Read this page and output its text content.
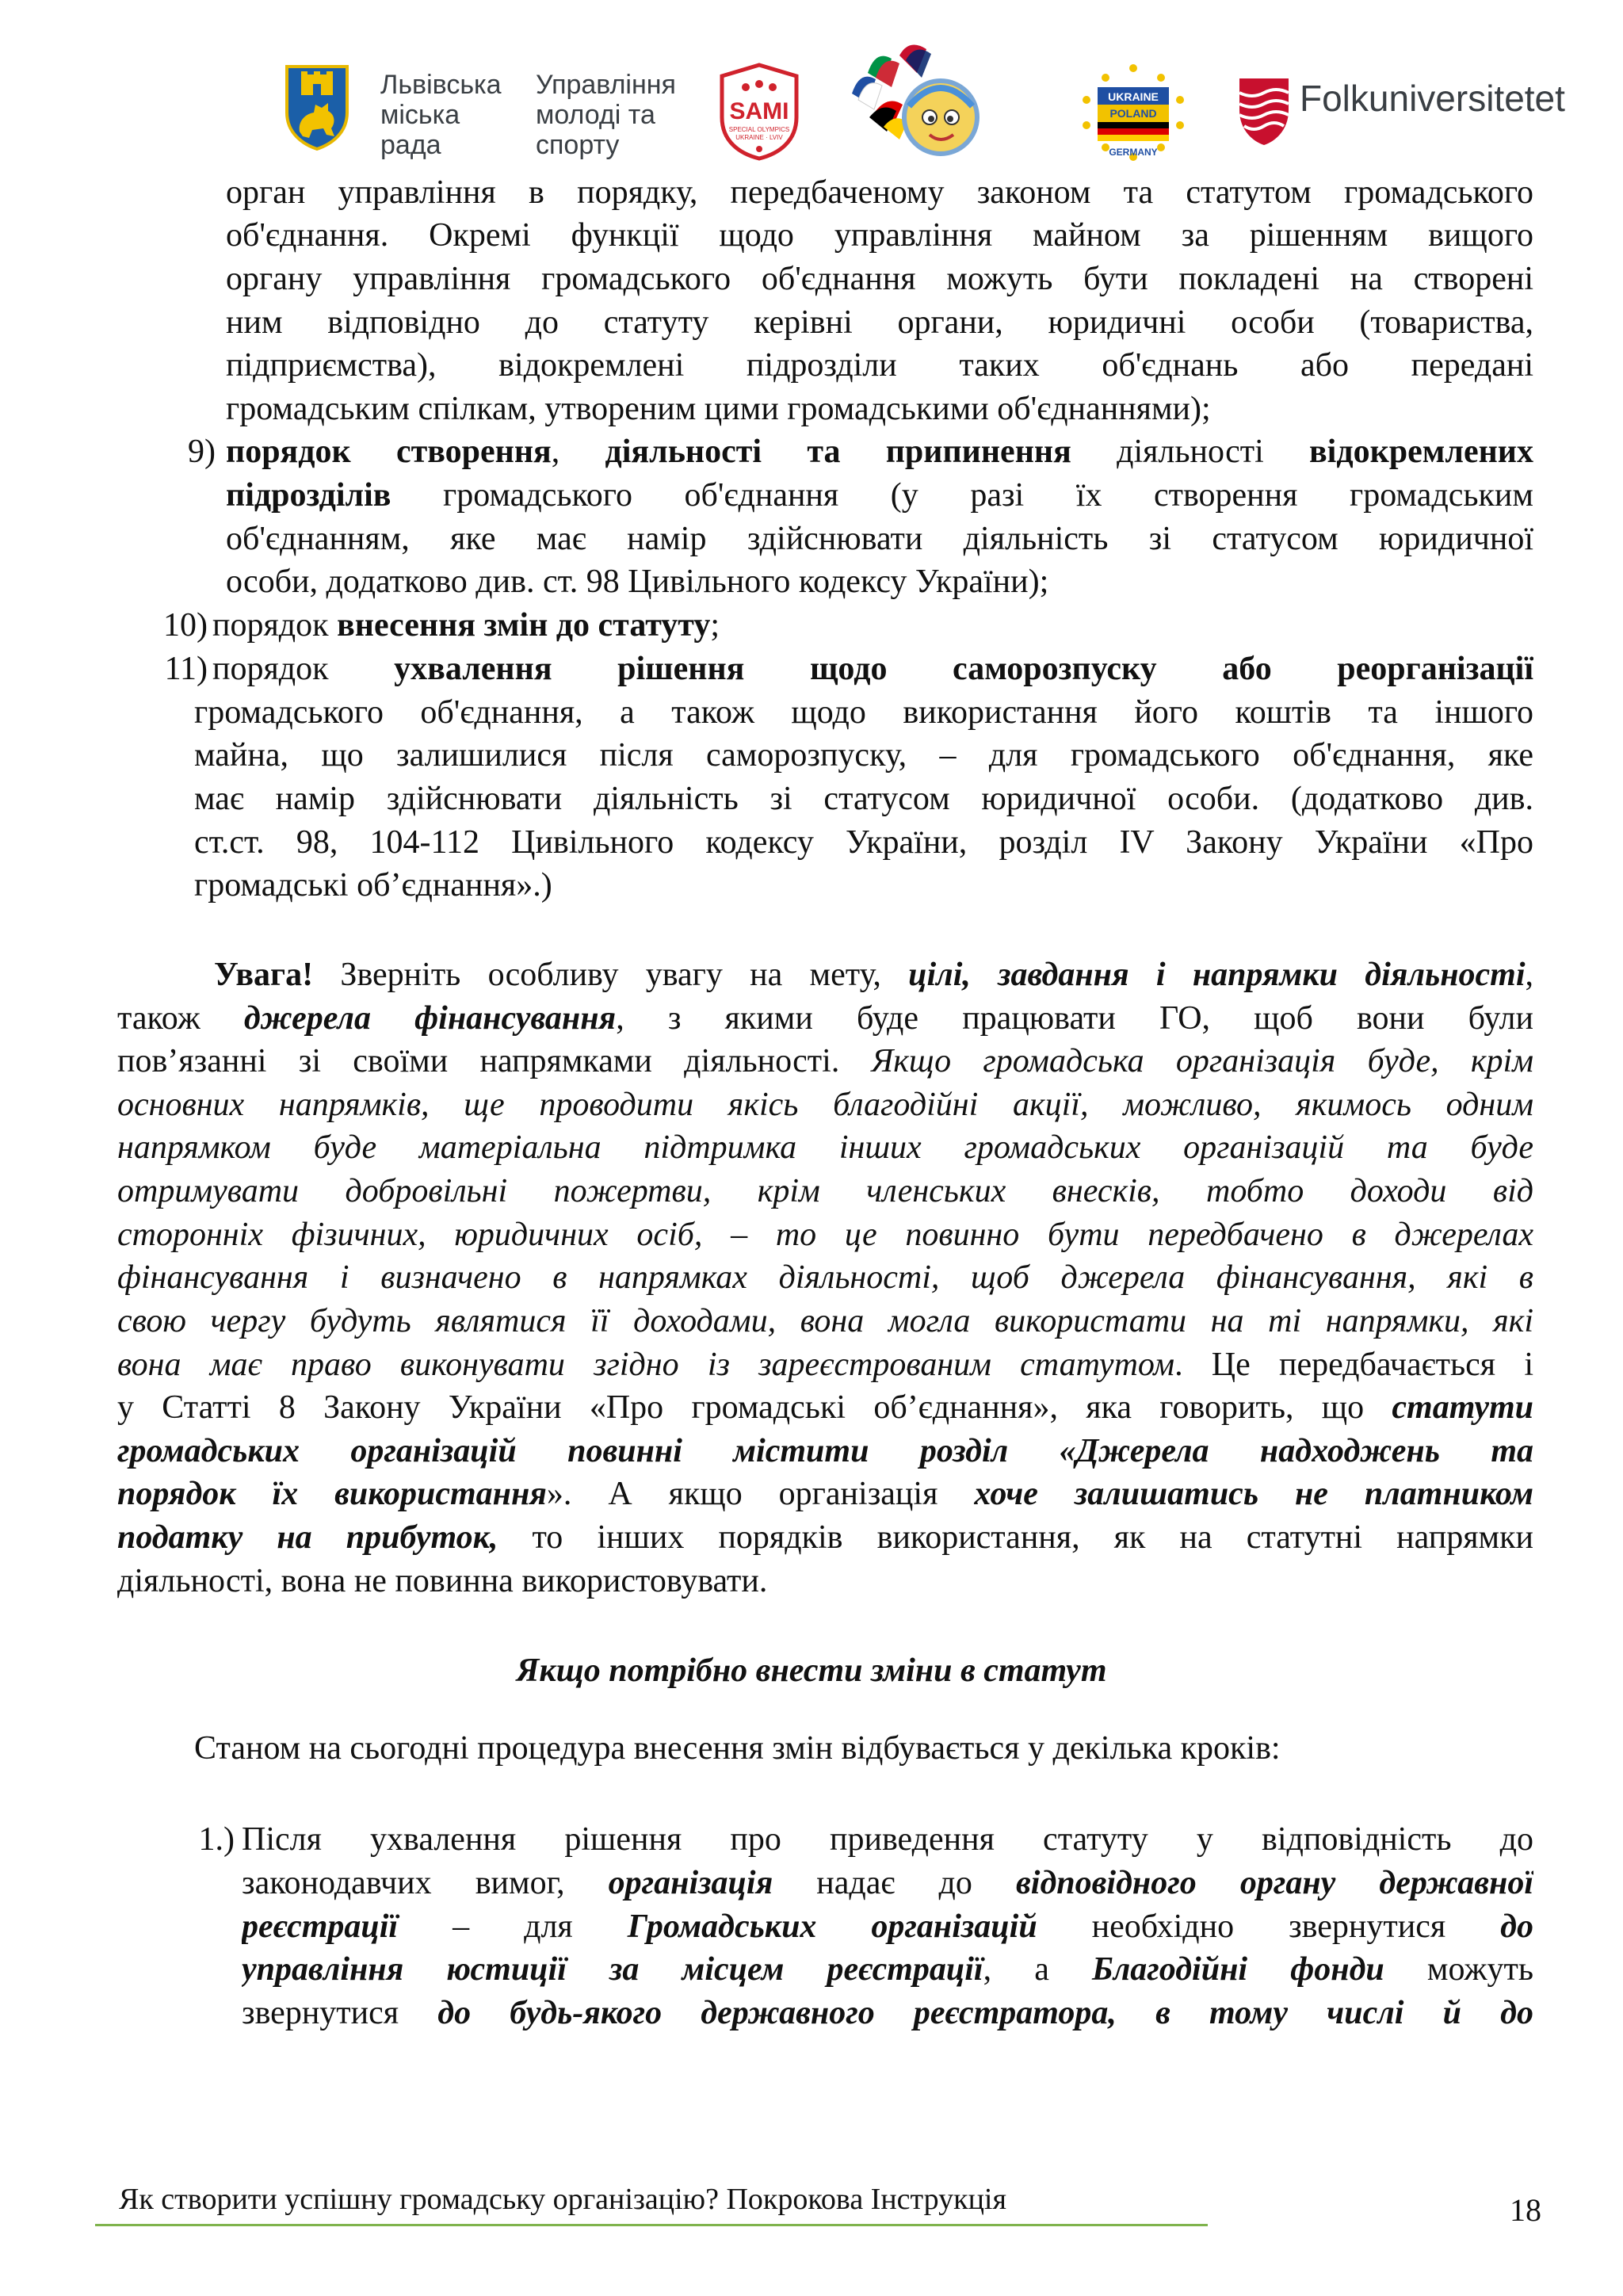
Львівська
міська
рада
Управління
молоді та
спорту
SAMI
SPECIAL OLYMPICS
UKRAINE · LVIV
UKRAINE
POLAND
GERMANY
Folkuniversitetet
орган управління в порядку, передбаченому законом та статутом громадського
об'єднання. Окремі функції щодо управління майном за рішенням вищого
органу управління громадського об'єднання можуть бути покладені на створені
ним відповідно до статуту керівні органи, юридичні особи (товариства,
підприємства), відокремлені підрозділи таких об'єднань або передані
громадським спілкам, утвореним цими громадськими об'єднаннями);
9) порядок створення, діяльності та припинення діяльності відокремлених
підрозділів громадського об'єднання (у разі їх створення громадським
об'єднанням, яке має намір здійснювати діяльність зі статусом юридичної
особи, додатково див. ст. 98 Цивільного кодексу України);
10) порядок внесення змін до статуту;
11) порядок ухвалення рішення щодо саморозпуску або реорганізації
громадського об'єднання, а також щодо використання його коштів та іншого
майна, що залишилися після саморозпуску, – для громадського об'єднання, яке
має намір здійснювати діяльність зі статусом юридичної особи. (додатково див.
ст.ст. 98, 104-112 Цивільного кодексу України, розділ IV Закону України «Про
громадські об’єднання».)
Увага! Зверніть особливу увагу на мету, цілі, завдання і напрямки діяльності,
також джерела фінансування, з якими буде працювати ГО, щоб вони були
пов’язанні зі своїми напрямками діяльності. Якщо громадська організація буде, крім
основних напрямків, ще проводити якісь благодійні акції, можливо, якимось одним
напрямком буде матеріальна підтримка інших громадських організацій та буде
отримувати добровільні пожертви, крім членських внесків, тобто доходи від
сторонніх фізичних, юридичних осіб, – то це повинно бути передбачено в джерелах
фінансування і визначено в напрямках діяльності, щоб джерела фінансування, які в
свою чергу будуть являтися її доходами, вона могла використати на ті напрямки, які
вона має право виконувати згідно із зареєстрованим статутом. Це передбачається і
у Статті 8 Закону України «Про громадські об’єднання», яка говорить, що статути
громадських організацій повинні містити розділ «Джерела надходжень та
порядок їх використання». А якщо організація хоче залишатись не платником
податку на прибуток, то інших порядків використання, як на статутні напрямки
діяльності, вона не повинна використовувати.
Якщо потрібно внести зміни в статут
Станом на сьогодні процедура внесення змін відбувається у декілька кроків:
1.) Після ухвалення рішення про приведення статуту у відповідність до
законодавчих вимог, організація надає до відповідного органу державної
реєстрації – для Громадських організацій необхідно звернутися до
управління юстиції за місцем реєстрації, а Благодійні фонди можуть
звернутися до будь-якого державного реєстратора, в тому числі й до
Як створити успішну громадську організацію? Покрокова Інструкція	18
